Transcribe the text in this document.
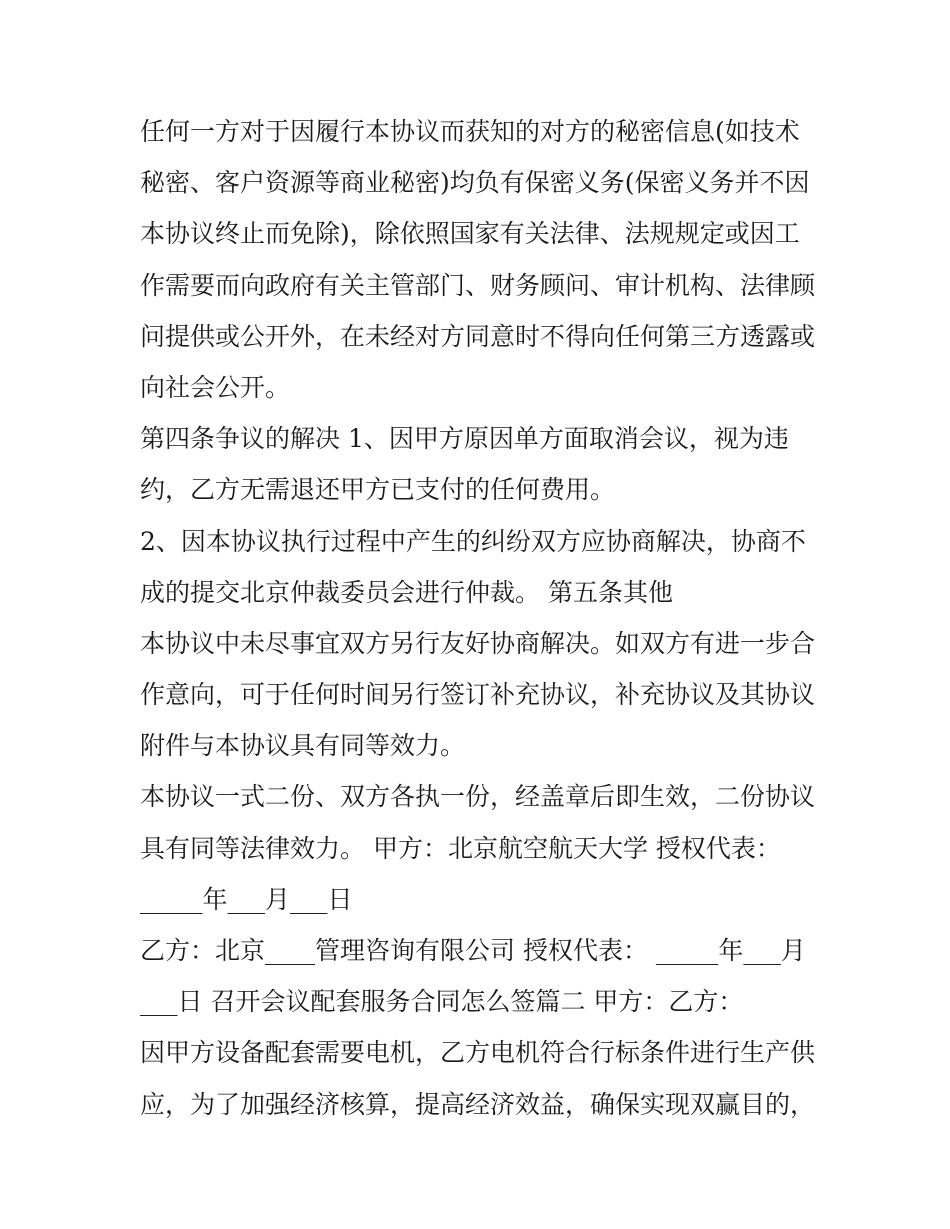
任何一方对于因履行本协议而获知的对方的秘密信息(如技术
秘密、客户资源等商业秘密)均负有保密义务(保密义务并不因
本协议终止而免除)，除依照国家有关法律、法规规定或因工
作需要而向政府有关主管部门、财务顾问、审计机构、法律顾
问提供或公开外，在未经对方同意时不得向任何第三方透露或
向社会公开。
第四条争议的解决 1、因甲方原因单方面取消会议，视为违
约，乙方无需退还甲方已支付的任何费用。
2、因本协议执行过程中产生的纠纷双方应协商解决，协商不
成的提交北京仲裁委员会进行仲裁。 第五条其他
本协议中未尽事宜双方另行友好协商解决。如双方有进一步合
作意向，可于任何时间另行签订补充协议，补充协议及其协议
附件与本协议具有同等效力。
本协议一式二份、双方各执一份，经盖章后即生效，二份协议
具有同等法律效力。 甲方：北京航空航天大学 授权代表：
_____年___月___日
乙方：北京____管理咨询有限公司 授权代表： _____年___月
___日 召开会议配套服务合同怎么签篇二 甲方：乙方：
因甲方设备配套需要电机，乙方电机符合行标条件进行生产供
应，为了加强经济核算，提高经济效益，确保实现双赢目的，
